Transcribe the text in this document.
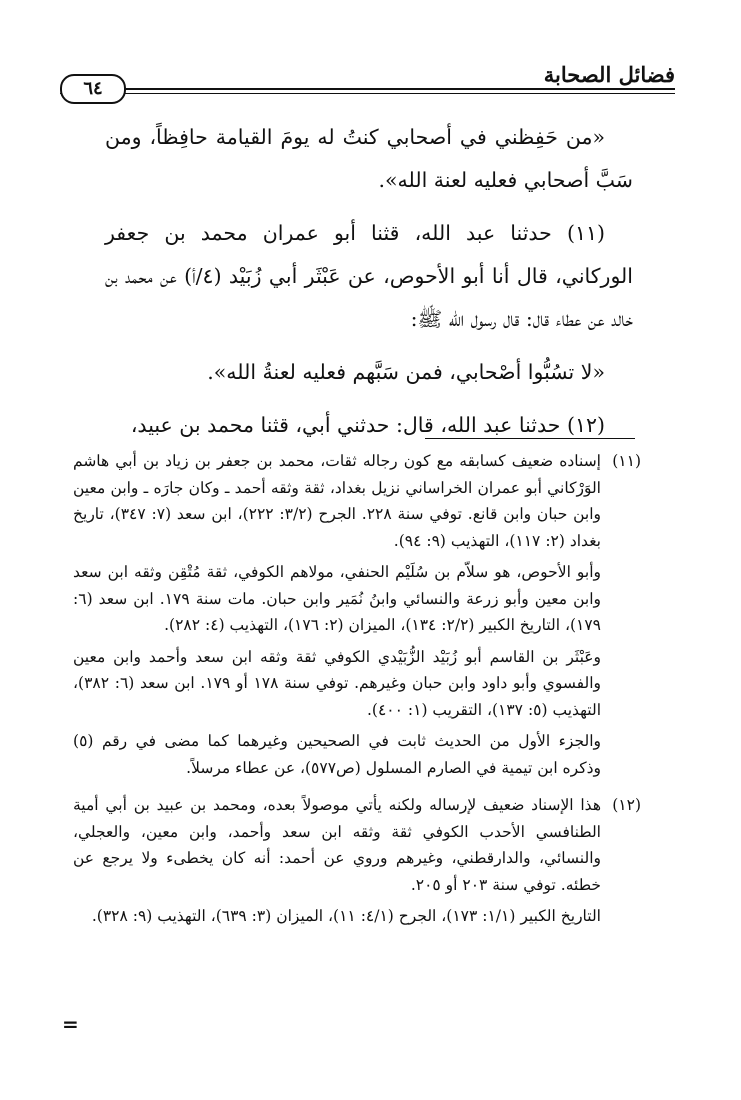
فضائل الصحابة
٦٤

«من حَفِظني في أصحابي كنتُ له يومَ القيامة حافِظاً، ومن سَبَّ أصحابي فعليه لعنة الله».

(١١) حدثنا عبد الله، قثنا أبو عمران محمد بن جعفر الوركاني، قال أنا أبو الأحوص، عن عَبْثَر أبي زُبَيْد (٤/أ) عن محمد بن خالد عن عطاء قال: قال رسول الله ﷺ:

«لا تسُبُّوا أصْحابي، فمن سَبَّهم فعليه لعنةُ الله».

(١٢) حدثنا عبد الله، قال: حدثني أبي، قثنا محمد بن عبيد،

(١١)

إسناده ضعيف كسابقه مع كون رجاله ثقات، محمد بن جعفر بن زياد بن أبي هاشم الوَرْكاني أبو عمران الخراساني نزيل بغداد، ثقة وثقه أحمد ـ وكان جارَه ـ وابن معين وابن حبان وابن قانع. توفي سنة ٢٢٨. الجرح (٣/٢: ٢٢٢)، ابن سعد (٧: ٣٤٧)، تاريخ بغداد (٢: ١١٧)، التهذيب (٩: ٩٤).

وأبو الأحوص، هو سلاّم بن سُلَيْم الحنفي، مولاهم الكوفي، ثقة مُتْقِن وثقه ابن سعد وابن معين وأبو زرعة والنسائي وابنُ نُمَير وابن حبان. مات سنة ١٧٩. ابن سعد (٦: ١٧٩)، التاريخ الكبير (٢/٢: ١٣٤)، الميزان (٢: ١٧٦)، التهذيب (٤: ٢٨٢).

وعَبْثَر بن القاسم أبو زُبَيْد الزُّبَيْدي الكوفي ثقة وثقه ابن سعد وأحمد وابن معين والفسوي وأبو داود وابن حبان وغيرهم. توفي سنة ١٧٨ أو ١٧٩. ابن سعد (٦: ٣٨٢)، التهذيب (٥: ١٣٧)، التقريب (١: ٤٠٠).

والجزء الأول من الحديث ثابت في الصحيحين وغيرهما كما مضى في رقم (٥) وذكره ابن تيمية في الصارم المسلول (ص٥٧٧)، عن عطاء مرسلاً.

(١٢)

هذا الإسناد ضعيف لإرساله ولكنه يأتي موصولاً بعده، ومحمد بن عبيد بن أبي أمية الطنافسي الأحدب الكوفي ثقة وثقه ابن سعد وأحمد، وابن معين، والعجلي، والنسائي، والدارقطني، وغيرهم وروي عن أحمد: أنه كان يخطىء ولا يرجع عن خطئه. توفي سنة ٢٠٣ أو ٢٠٥.

التاريخ الكبير (١/١: ١٧٣)، الجرح (٤/١: ١١)، الميزان (٣: ٦٣٩)، التهذيب (٩: ٣٢٨).

=
